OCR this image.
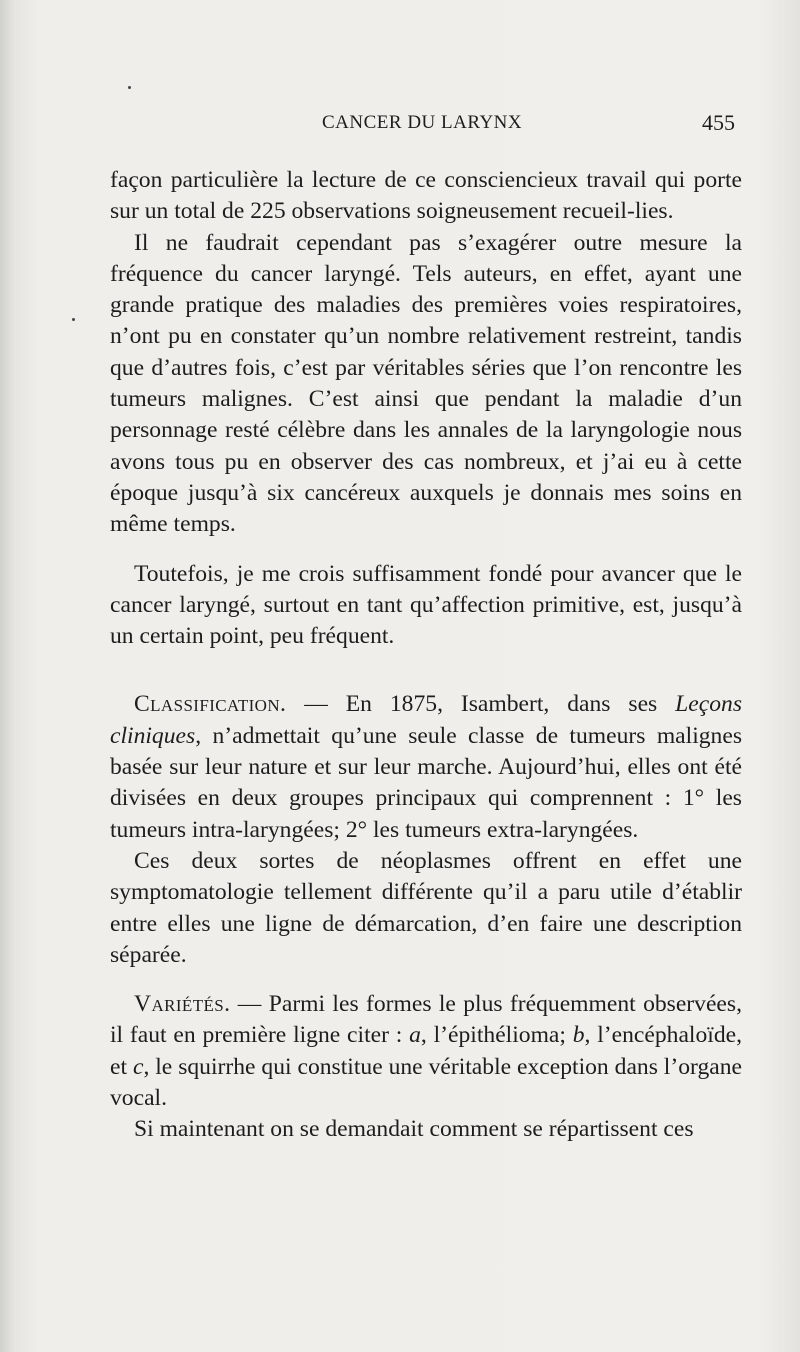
CANCER DU LARYNX	455

façon particulière la lecture de ce consciencieux travail qui porte sur un total de 225 observations soigneusement recueil-lies.

Il ne faudrait cependant pas s’exagérer outre mesure la fréquence du cancer laryngé. Tels auteurs, en effet, ayant une grande pratique des maladies des premières voies respiratoires, n’ont pu en constater qu’un nombre relativement restreint, tandis que d’autres fois, c’est par véritables séries que l’on rencontre les tumeurs malignes. C’est ainsi que pendant la maladie d’un personnage resté célèbre dans les annales de la laryngologie nous avons tous pu en observer des cas nombreux, et j’ai eu à cette époque jusqu’à six cancéreux auxquels je donnais mes soins en même temps.

Toutefois, je me crois suffisamment fondé pour avancer que le cancer laryngé, surtout en tant qu’affection primitive, est, jusqu’à un certain point, peu fréquent.

Classification. — En 1875, Isambert, dans ses Leçons cliniques, n’admettait qu’une seule classe de tumeurs malignes basée sur leur nature et sur leur marche. Aujourd’hui, elles ont été divisées en deux groupes principaux qui comprennent : 1° les tumeurs intra-laryngées; 2° les tumeurs extra-laryngées.

Ces deux sortes de néoplasmes offrent en effet une symptomatologie tellement différente qu’il a paru utile d’établir entre elles une ligne de démarcation, d’en faire une description séparée.

Variétés. — Parmi les formes le plus fréquemment observées, il faut en première ligne citer : a, l’épithélioma; b, l’encéphaloïde, et c, le squirrhe qui constitue une véritable exception dans l’organe vocal.

Si maintenant on se demandait comment se répartissent ces
